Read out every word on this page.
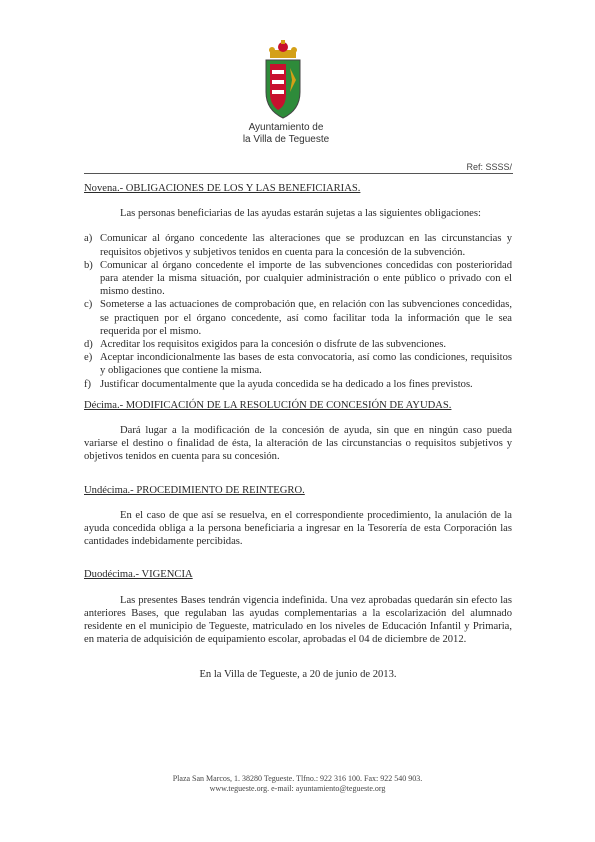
Ayuntamiento de
la Villa de Tegueste
Ref: SSSS/
Novena.- OBLIGACIONES DE LOS Y LAS BENEFICIARIAS.

Las personas beneficiarias de las ayudas estarán sujetas a las siguientes obligaciones:

a) Comunicar al órgano concedente las alteraciones que se produzcan en las circunstancias y requisitos objetivos y subjetivos tenidos en cuenta para la concesión de la subvención.
b) Comunicar al órgano concedente el importe de las subvenciones concedidas con posterioridad para atender la misma situación, por cualquier administración o ente público o privado con el mismo destino.
c) Someterse a las actuaciones de comprobación que, en relación con las subvenciones concedidas, se practiquen por el órgano concedente, así como facilitar toda la información que le sea requerida por el mismo.
d) Acreditar los requisitos exigidos para la concesión o disfrute de las subvenciones.
e) Aceptar incondicionalmente las bases de esta convocatoria, así como las condiciones, requisitos y obligaciones que contiene la misma.
f) Justificar documentalmente que la ayuda concedida se ha dedicado a los fines previstos.
Décima.- MODIFICACIÓN DE LA RESOLUCIÓN DE CONCESIÓN DE AYUDAS.

Dará lugar a la modificación de la concesión de ayuda, sin que en ningún caso pueda variarse el destino o finalidad de ésta, la alteración de las circunstancias o requisitos subjetivos y objetivos tenidos en cuenta para su concesión.

Undécima.- PROCEDIMIENTO DE REINTEGRO.

En el caso de que así se resuelva, en el correspondiente procedimiento, la anulación de la ayuda concedida obliga a la persona beneficiaria a ingresar en la Tesorería de esta Corporación las cantidades indebidamente percibidas.

Duodécima.- VIGENCIA

Las presentes Bases tendrán vigencia indefinida. Una vez aprobadas quedarán sin efecto las anteriores Bases, que regulaban las ayudas complementarias a la escolarización del alumnado residente en el municipio de Tegueste, matriculado en los niveles de Educación Infantil y Primaria, en materia de adquisición de equipamiento escolar, aprobadas el 04 de diciembre de 2012.

En la Villa de Tegueste, a 20 de junio de 2013.
Plaza San Marcos, 1. 38280 Tegueste. Tlfno.: 922 316 100. Fax: 922 540 903.
www.tegueste.org. e-mail: ayuntamiento@tegueste.org
